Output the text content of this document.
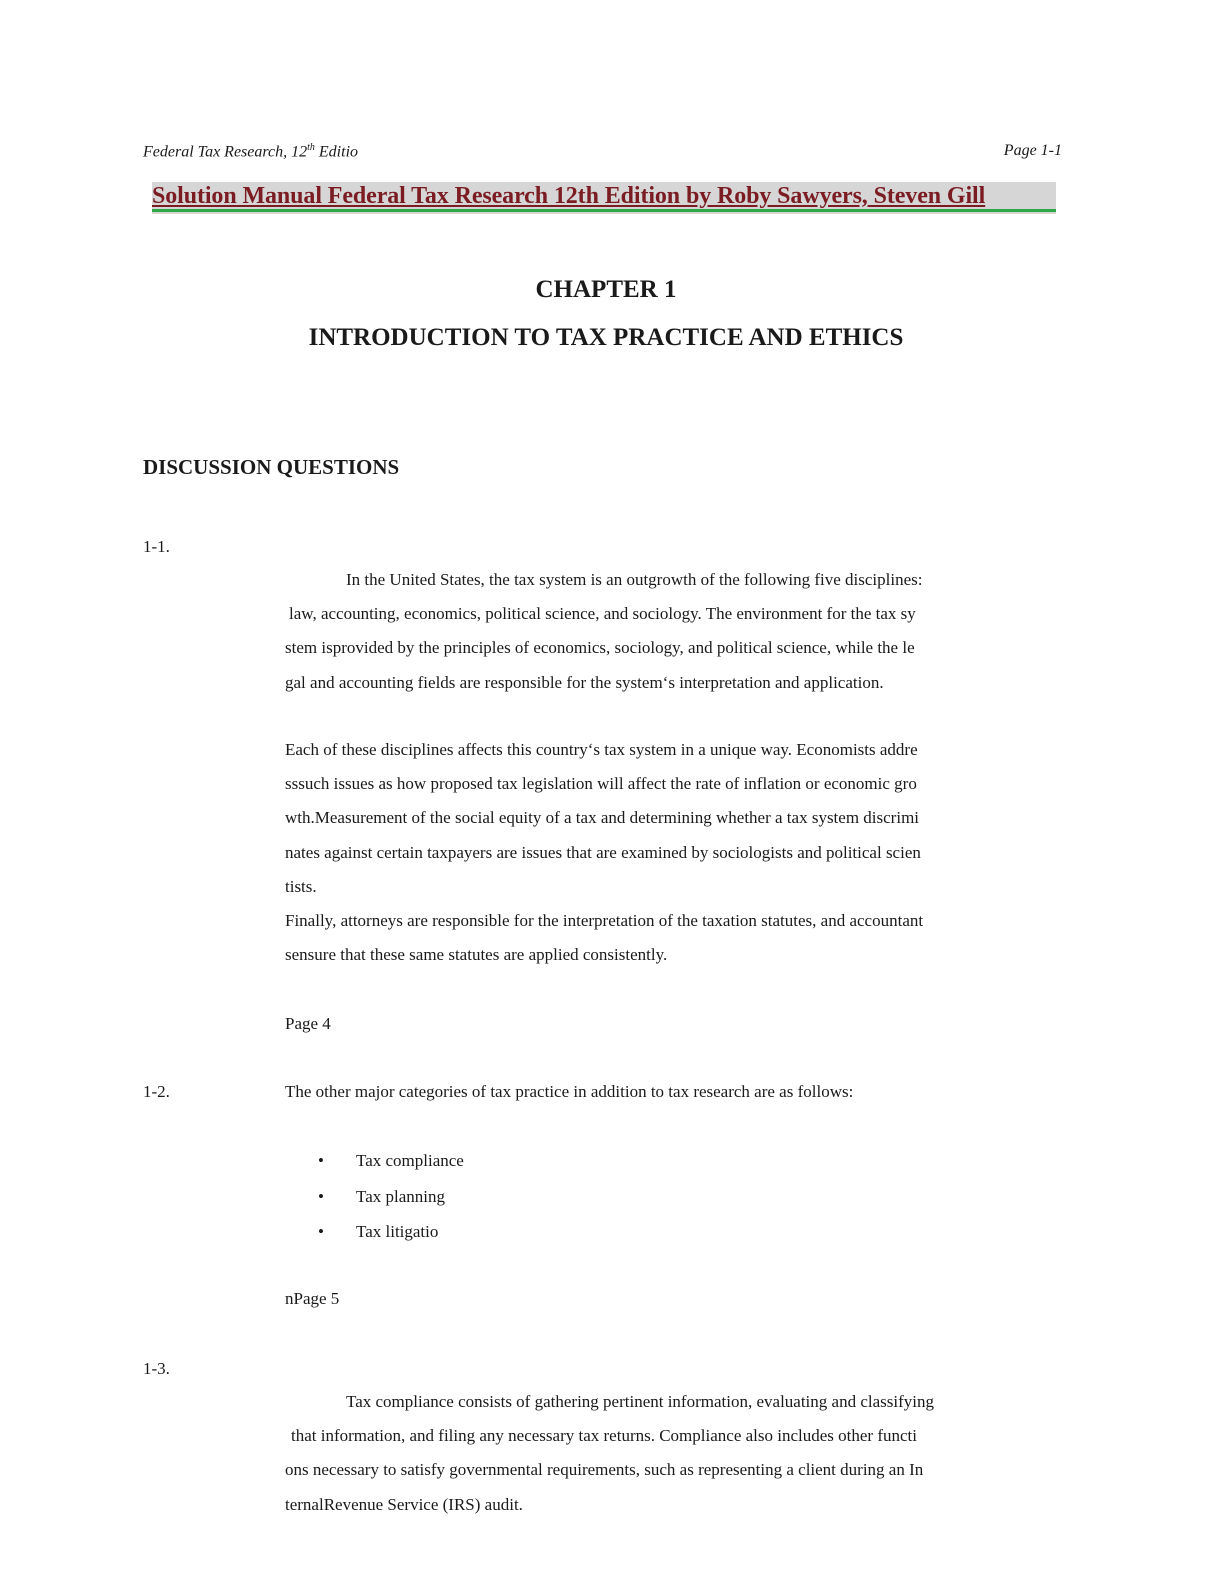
Federal Tax Research, 12th Editio	Page 1-1
Solution Manual Federal Tax Research 12th Edition by Roby Sawyers, Steven Gill
CHAPTER 1
INTRODUCTION TO TAX PRACTICE AND ETHICS
DISCUSSION QUESTIONS
1-1.
In the United States, the tax system is an outgrowth of the following five disciplines:
law, accounting, economics, political science, and sociology. The environment for the tax sy
stem isprovided by the principles of economics, sociology, and political science, while the le
gal and accounting fields are responsible for the system‘s interpretation and application.
Each of these disciplines affects this country‘s tax system in a unique way. Economists addre
sssuch issues as how proposed tax legislation will affect the rate of inflation or economic gro
wth.Measurement of the social equity of a tax and determining whether a tax system discrimi
nates against certain taxpayers are issues that are examined by sociologists and political scien
tists.
Finally, attorneys are responsible for the interpretation of the taxation statutes, and accountant
sensure that these same statutes are applied consistently.
Page 4
1-2.	The other major categories of tax practice in addition to tax research are as follows:
• Tax compliance
• Tax planning
• Tax litigatio
nPage 5
1-3.
Tax compliance consists of gathering pertinent information, evaluating and classifying
that information, and filing any necessary tax returns. Compliance also includes other functi
ons necessary to satisfy governmental requirements, such as representing a client during an In
ternalRevenue Service (IRS) audit.
